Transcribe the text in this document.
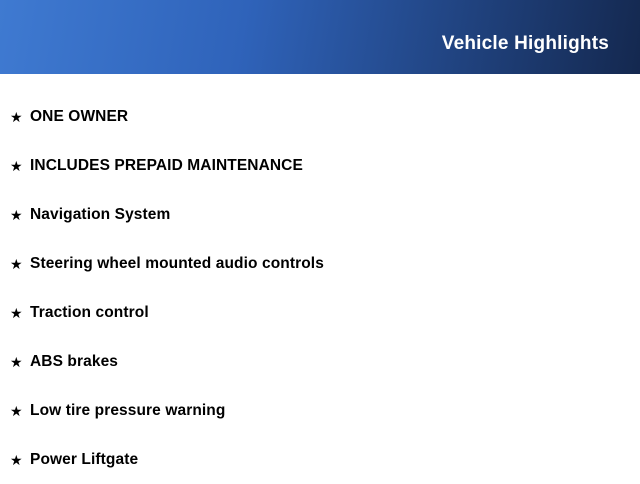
Vehicle Highlights
★ ONE OWNER
★ INCLUDES PREPAID MAINTENANCE
★ Navigation System
★ Steering wheel mounted audio controls
★ Traction control
★ ABS brakes
★ Low tire pressure warning
★ Power Liftgate
